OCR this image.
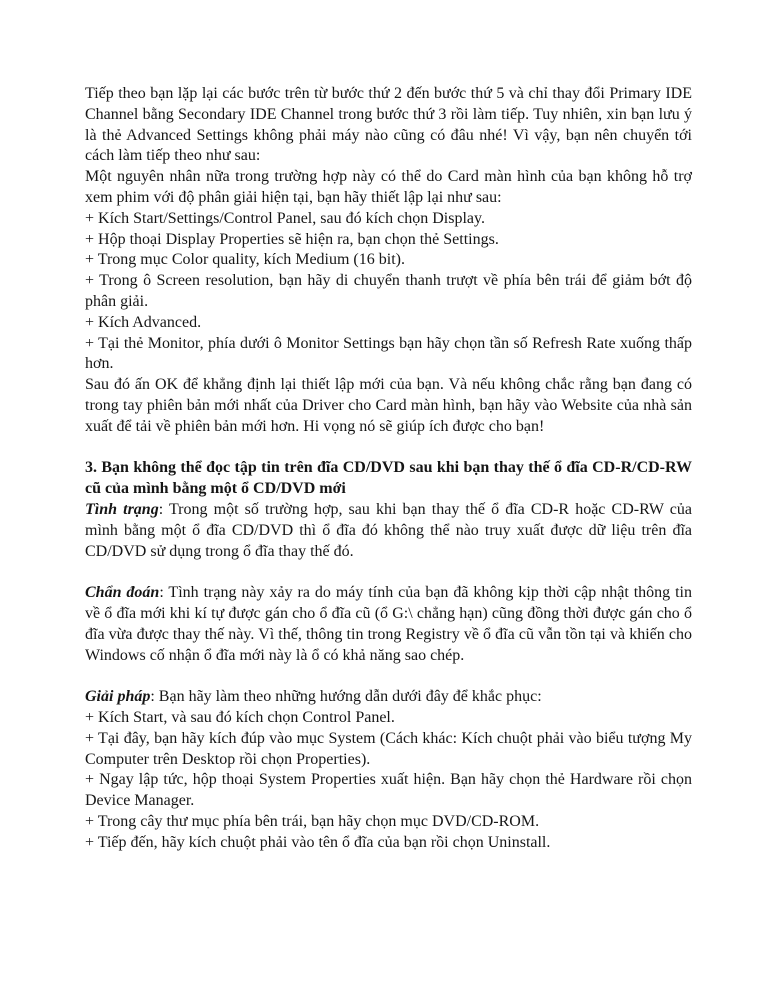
Tiếp theo bạn lặp lại các bước trên từ bước thứ 2 đến bước thứ 5 và chỉ thay đổi Primary IDE Channel bằng Secondary IDE Channel trong bước thứ 3 rồi làm tiếp. Tuy nhiên, xin bạn lưu ý là thẻ Advanced Settings không phải máy nào cũng có đâu nhé! Vì vậy, bạn nên chuyển tới cách làm tiếp theo như sau:

Một nguyên nhân nữa trong trường hợp này có thể do Card màn hình của bạn không hỗ trợ xem phim với độ phân giải hiện tại, bạn hãy thiết lập lại như sau:

+ Kích Start/Settings/Control Panel, sau đó kích chọn Display.

+ Hộp thoại Display Properties sẽ hiện ra, bạn chọn thẻ Settings.

+ Trong mục Color quality, kích Medium (16 bit).

+ Trong ô Screen resolution, bạn hãy di chuyển thanh trượt về phía bên trái để giảm bớt độ phân giải.

+ Kích Advanced.

+ Tại thẻ Monitor, phía dưới ô Monitor Settings bạn hãy chọn tần số Refresh Rate xuống thấp hơn.

Sau đó ấn OK để khẳng định lại thiết lập mới của bạn. Và nếu không chắc rằng bạn đang có trong tay phiên bản mới nhất của Driver cho Card màn hình, bạn hãy vào Website của nhà sản xuất để tải về phiên bản mới hơn. Hi vọng nó sẽ giúp ích được cho bạn!

3. Bạn không thể đọc tập tin trên đĩa CD/DVD sau khi bạn thay thế ổ đĩa CD-R/CD-RW cũ của mình bằng một ổ CD/DVD mới

Tình trạng: Trong một số trường hợp, sau khi bạn thay thế ổ đĩa CD-R hoặc CD-RW của mình bằng một ổ đĩa CD/DVD thì ổ đĩa đó không thể nào truy xuất được dữ liệu trên đĩa CD/DVD sử dụng trong ổ đĩa thay thế đó.

Chẩn đoán: Tình trạng này xảy ra do máy tính của bạn đã không kịp thời cập nhật thông tin về ổ đĩa mới khi kí tự được gán cho ổ đĩa cũ (ổ G:\ chẳng hạn) cũng đồng thời được gán cho ổ đĩa vừa được thay thế này. Vì thế, thông tin trong Registry về ổ đĩa cũ vẫn tồn tại và khiến cho Windows cố nhận ổ đĩa mới này là ổ có khả năng sao chép.

Giải pháp: Bạn hãy làm theo những hướng dẫn dưới đây để khắc phục:

+ Kích Start, và sau đó kích chọn Control Panel.

+ Tại đây, bạn hãy kích đúp vào mục System (Cách khác: Kích chuột phải vào biểu tượng My Computer trên Desktop rồi chọn Properties).

+ Ngay lập tức, hộp thoại System Properties xuất hiện. Bạn hãy chọn thẻ Hardware rồi chọn Device Manager.

+ Trong cây thư mục phía bên trái, bạn hãy chọn mục DVD/CD-ROM.

+ Tiếp đến, hãy kích chuột phải vào tên ổ đĩa của bạn rồi chọn Uninstall.
